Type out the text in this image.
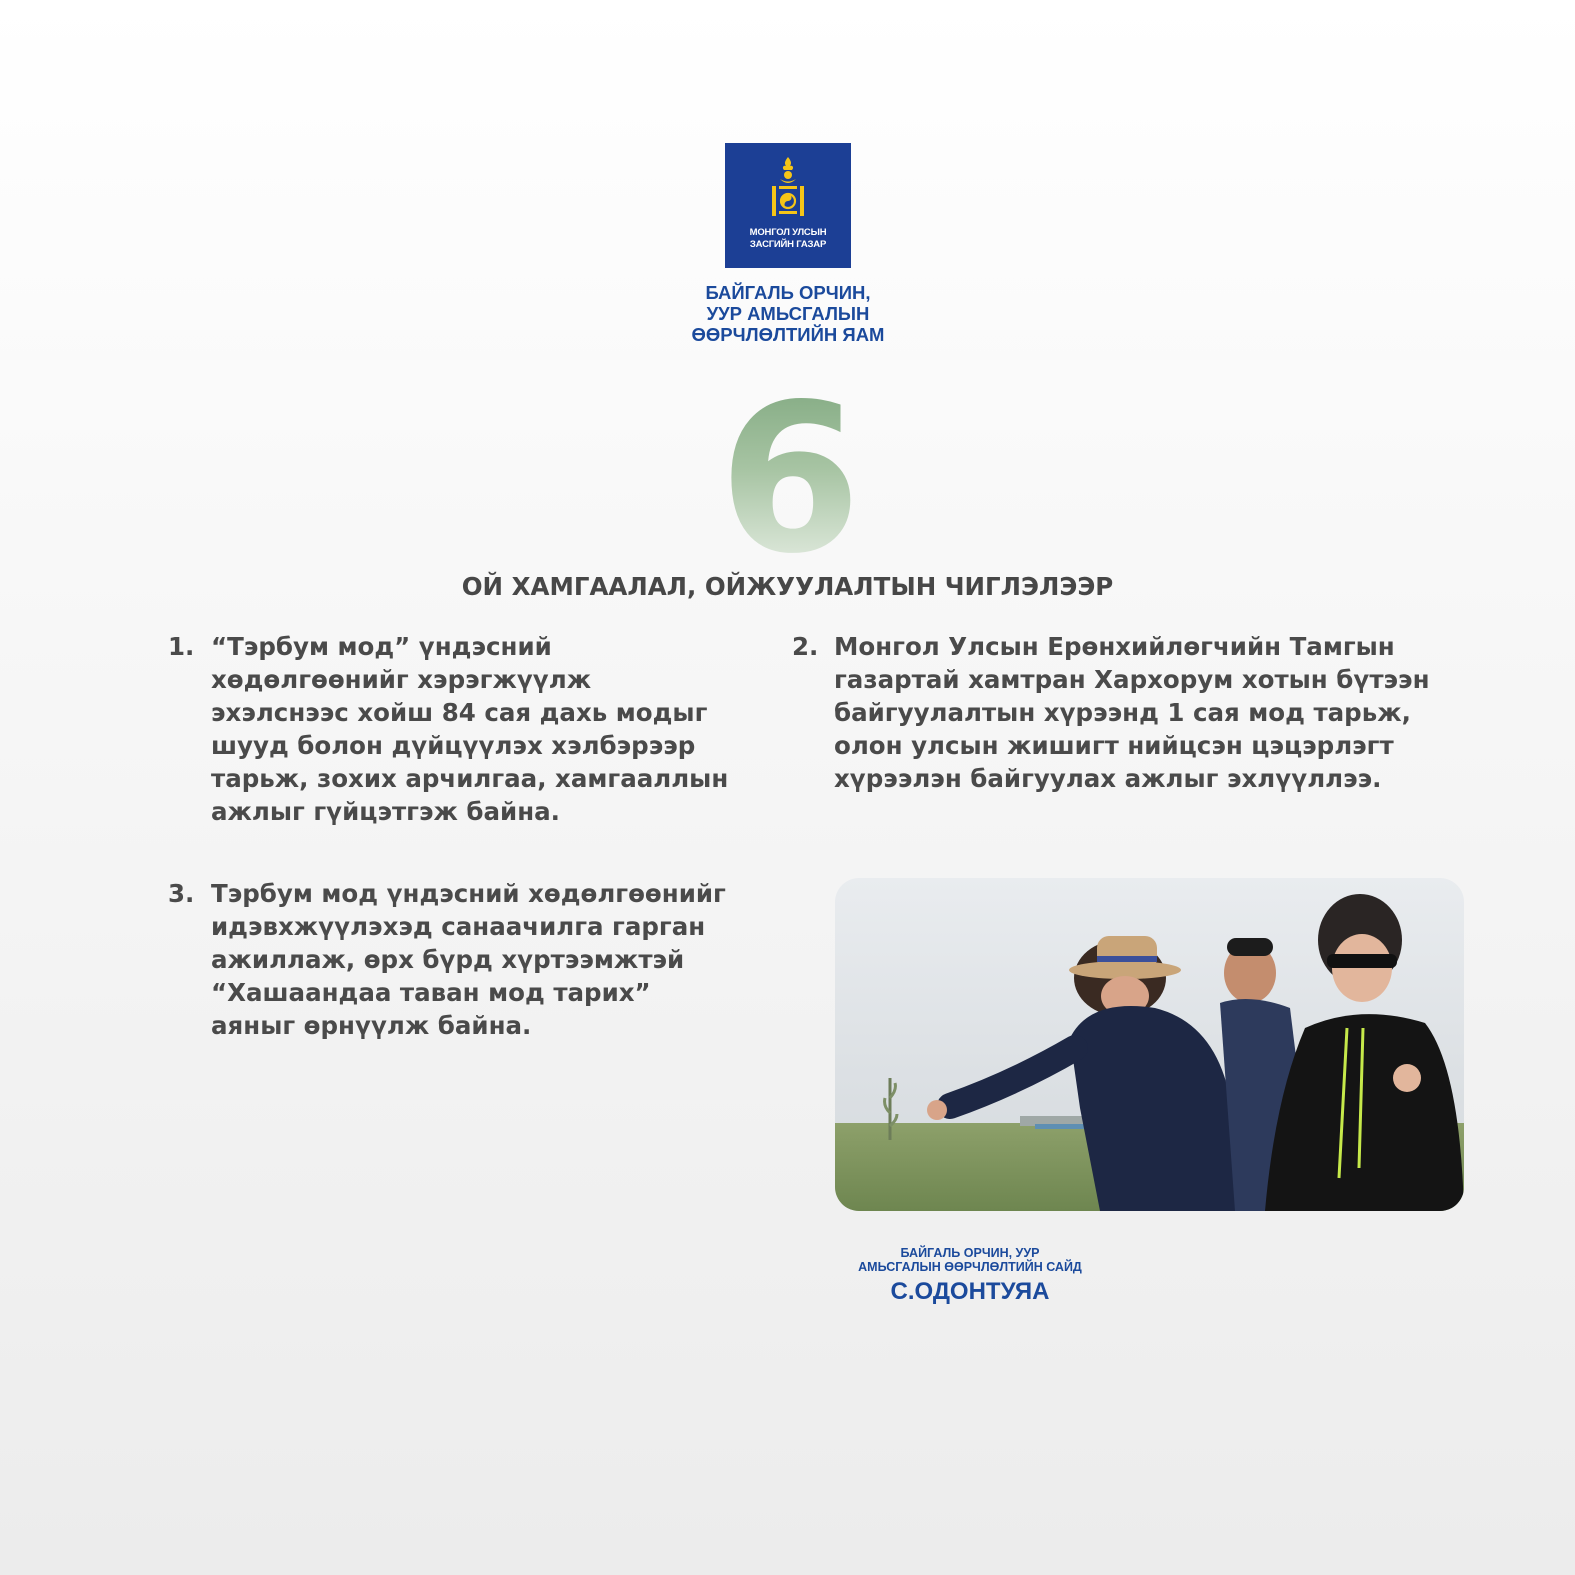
МОНГОЛ УЛСЫН
ЗАСГИЙН ГАЗАР
БАЙГАЛЬ ОРЧИН,
УУР АМЬСГАЛЫН
ӨӨРЧЛӨЛТИЙН ЯАМ
6
ОЙ ХАМГААЛАЛ, ОЙЖУУЛАЛТЫН ЧИГЛЭЛЭЭР
1. “Тэрбум мод” үндэсний
хөдөлгөөнийг хэрэгжүүлж
эхэлснээс хойш 84 сая дахь модыг
шууд болон дүйцүүлэх хэлбэрээр
тарьж, зохих арчилгаа, хамгааллын
ажлыг гүйцэтгэж байна.
2. Монгол Улсын Ерөнхийлөгчийн Тамгын
газартай хамтран Хархорум хотын бүтээн
байгуулалтын хүрээнд 1 сая мод тарьж,
олон улсын жишигт нийцсэн цэцэрлэгт
хүрээлэн байгуулах ажлыг эхлүүллээ.
3. Тэрбум мод үндэсний хөдөлгөөнийг
идэвхжүүлэхэд санаачилга гарган
ажиллаж, өрх бүрд хүртээмжтэй
“Хашаандаа таван мод тарих”
аяныг өрнүүлж байна.
БАЙГАЛЬ ОРЧИН, УУР
АМЬСГАЛЫН ӨӨРЧЛӨЛТИЙН САЙД
С.ОДОНТУЯА
